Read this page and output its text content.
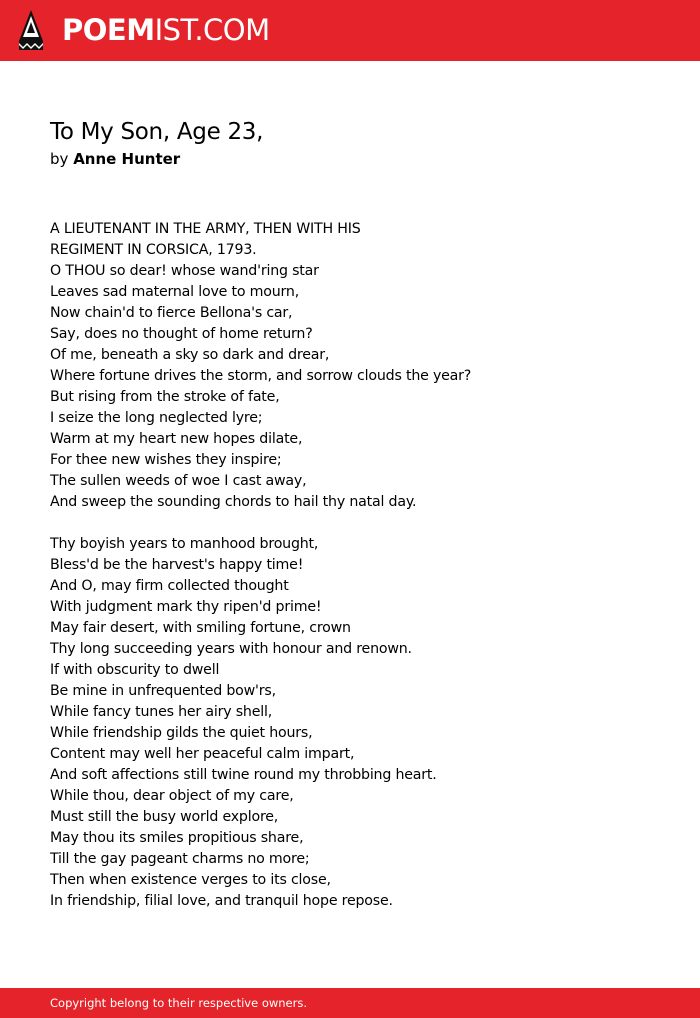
POEMIST.COM
To My Son, Age 23,
by Anne Hunter
A LIEUTENANT IN THE ARMY, THEN WITH HIS
REGIMENT IN CORSICA, 1793.
O THOU so dear! whose wand'ring star
Leaves sad maternal love to mourn,
Now chain'd to fierce Bellona's car,
Say, does no thought of home return?
Of me, beneath a sky so dark and drear,
Where fortune drives the storm, and sorrow clouds the year?
But rising from the stroke of fate,
I seize the long neglected lyre;
Warm at my heart new hopes dilate,
For thee new wishes they inspire;
The sullen weeds of woe I cast away,
And sweep the sounding chords to hail thy natal day.
Thy boyish years to manhood brought,
Bless'd be the harvest's happy time!
And O, may firm collected thought
With judgment mark thy ripen'd prime!
May fair desert, with smiling fortune, crown
Thy long succeeding years with honour and renown.
If with obscurity to dwell
Be mine in unfrequented bow'rs,
While fancy tunes her airy shell,
While friendship gilds the quiet hours,
Content may well her peaceful calm impart,
And soft affections still twine round my throbbing heart.
While thou, dear object of my care,
Must still the busy world explore,
May thou its smiles propitious share,
Till the gay pageant charms no more;
Then when existence verges to its close,
In friendship, filial love, and tranquil hope repose.
Copyright belong to their respective owners.
